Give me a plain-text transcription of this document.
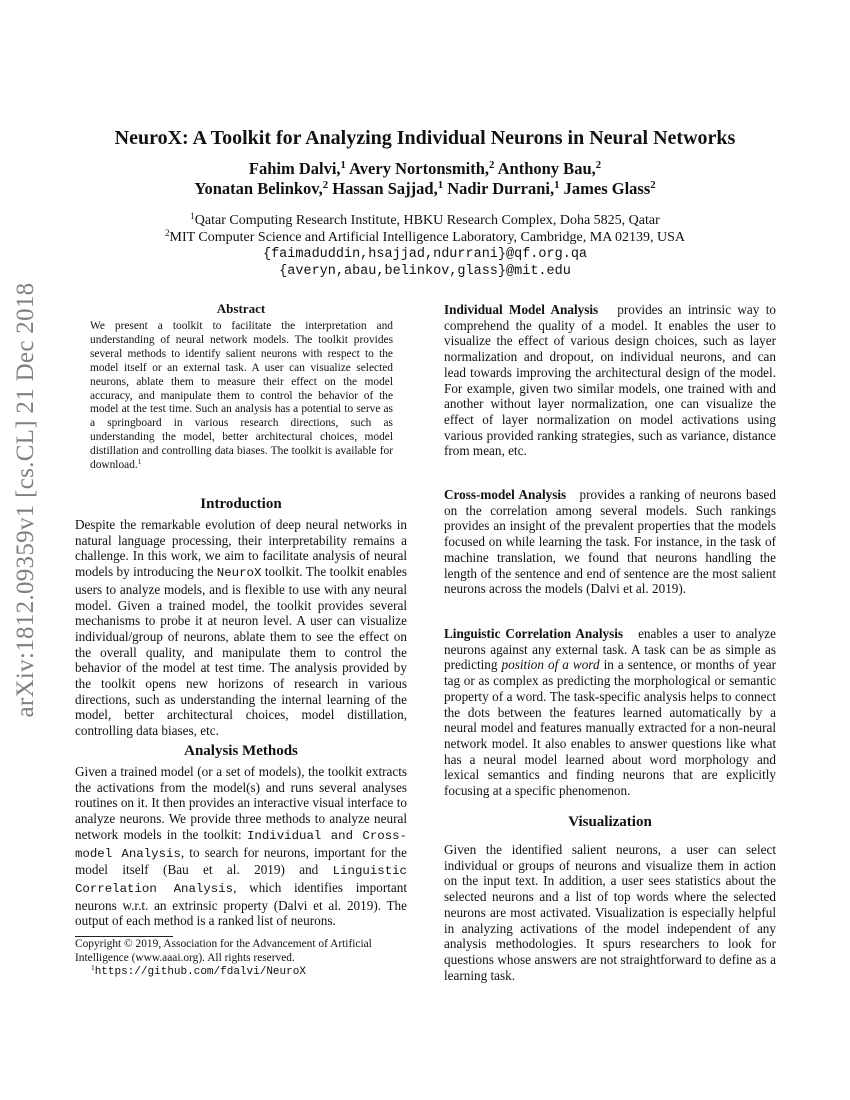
arXiv:1812.09359v1 [cs.CL] 21 Dec 2018
NeuroX: A Toolkit for Analyzing Individual Neurons in Neural Networks
Fahim Dalvi,$^1$ Avery Nortonsmith,$^2$ Anthony Bau,$^2$
Yonatan Belinkov,$^2$ Hassan Sajjad,$^1$ Nadir Durrani,$^1$ James Glass$^2$
$^1$Qatar Computing Research Institute, HBKU Research Complex, Doha 5825, Qatar
$^2$MIT Computer Science and Artificial Intelligence Laboratory, Cambridge, MA 02139, USA
{faimaduddin,hsajjad,ndurrani}@qf.org.qa
{averyn,abau,belinkov,glass}@mit.edu
Abstract
We present a toolkit to facilitate the interpretation and understanding of neural network models. The toolkit provides several methods to identify salient neurons with respect to the model itself or an external task. A user can visualize selected neurons, ablate them to measure their effect on the model accuracy, and manipulate them to control the behavior of the model at the test time. Such an analysis has a potential to serve as a springboard in various research directions, such as understanding the model, better architectural choices, model distillation and controlling data biases. The toolkit is available for download.$^1$
Introduction

Despite the remarkable evolution of deep neural networks in natural language processing, their interpretability remains a challenge. In this work, we aim to facilitate analysis of neural models by introducing the NeuroX toolkit. The toolkit enables users to analyze models, and is flexible to use with any neural model. Given a trained model, the toolkit provides several mechanisms to probe it at neuron level. A user can visualize individual/group of neurons, ablate them to see the effect on the overall quality, and manipulate them to control the behavior of the model at test time. The analysis provided by the toolkit opens new horizons of research in various directions, such as understanding the internal learning of the model, better architectural choices, model distillation, controlling data biases, etc.

Analysis Methods

Given a trained model (or a set of models), the toolkit extracts the activations from the model(s) and runs several analyses routines on it. It then provides an interactive visual interface to analyze neurons. We provide three methods to analyze neural network models in the toolkit: Individual and Cross-model Analysis, to search for neurons, important for the model itself (Bau et al. 2019) and Linguistic Correlation Analysis, which identifies important neurons w.r.t. an extrinsic property (Dalvi et al. 2019). The output of each method is a ranked list of neurons.

Copyright © 2019, Association for the Advancement of Artificial Intelligence (www.aaai.org). All rights reserved.
$^1$https://github.com/fdalvi/NeuroX

Individual Model Analysis provides an intrinsic way to comprehend the quality of a model. It enables the user to visualize the effect of various design choices, such as layer normalization and dropout, on individual neurons, and can lead towards improving the architectural design of the model. For example, given two similar models, one trained with and another without layer normalization, one can visualize the effect of layer normalization on model activations using various provided ranking strategies, such as variance, distance from mean, etc.

Cross-model Analysis provides a ranking of neurons based on the correlation among several models. Such rankings provides an insight of the prevalent properties that the models focused on while learning the task. For instance, in the task of machine translation, we found that neurons handling the length of the sentence and end of sentence are the most salient neurons across the models (Dalvi et al. 2019).

Linguistic Correlation Analysis enables a user to analyze neurons against any external task. A task can be as simple as predicting position of a word in a sentence, or months of year tag or as complex as predicting the morphological or semantic property of a word. The task-specific analysis helps to connect the dots between the features learned automatically by a neural model and features manually extracted for a non-neural network model. It also enables to answer questions like what has a neural model learned about word morphology and lexical semantics and finding neurons that are explicitly focusing at a specific phenomenon.

Visualization

Given the identified salient neurons, a user can select individual or groups of neurons and visualize them in action on the input text. In addition, a user sees statistics about the selected neurons and a list of top words where the selected neurons are most activated. Visualization is especially helpful in analyzing activations of the model independent of any analysis methodologies. It spurs researchers to look for questions whose answers are not straightforward to define as a learning task.
